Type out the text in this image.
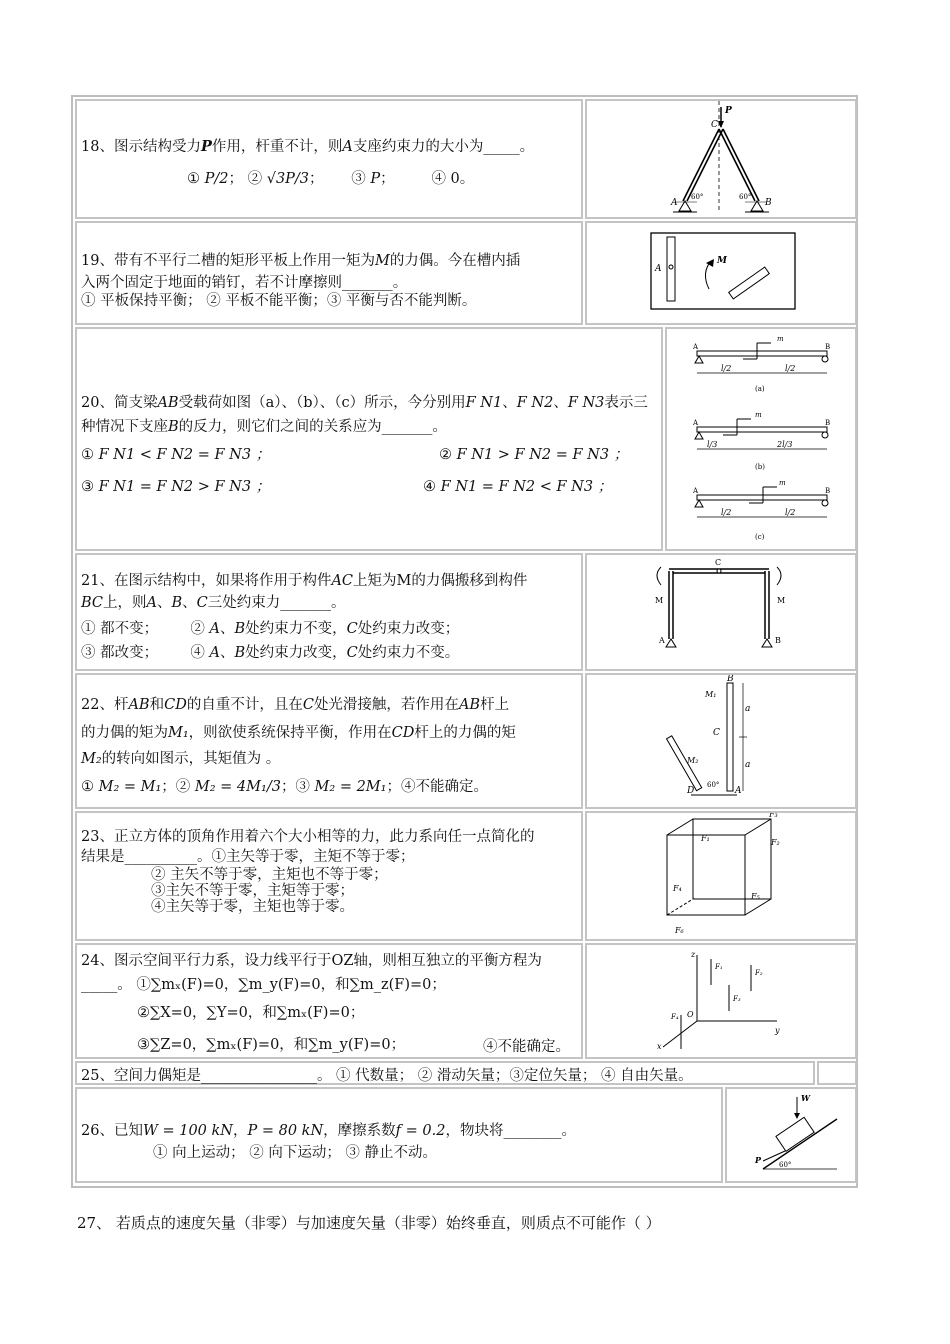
18、图示结构受力P作用，杆重不计，则A支座约束力的大小为_____。
① P/2； ② √3P/3； ③ P；	④ 0。
A	B
C
P
60°	60°
19、带有不平行二槽的矩形平板上作用一矩为M的力偶。今在槽内插
入两个固定于地面的销钉，若不计摩擦则_______。
① 平板保持平衡； ② 平板不能平衡；③ 平衡与否不能判断。
A
M
20、简支梁AB受载荷如图（a）、（b）、（c）所示，今分别用F N1、F N2、F N3表示三
种情况下支座B的反力，则它们之间的关系应为_______。
① F N1 < F N2 = F N3 ；	② F N1 > F N2 = F N3 ；
③ F N1 = F N2 > F N3 ；	④ F N1 = F N2 < F N3 ；
m
A	B
l/2	l/2
(a)
m
A	B
l/3	2l/3
(b)
m
A	B
l/2	l/2
(c)
21、在图示结构中，如果将作用于构件AC上矩为M的力偶搬移到构件
BC上，则A、B、C三处约束力_______。
① 都不变； ② A、B处约束力不变，C处约束力改变；
③ 都改变； ④ A、B处约束力改变，C处约束力不变。
C
A	B
M	M
22、杆AB和CD的自重不计，且在C处光滑接触，若作用在AB杆上
的力偶的矩为M₁，则欲使系统保持平衡，作用在CD杆上的力偶的矩
M₂的转向如图示，其矩值为 。
① M₂ = M₁；② M₂ = 4M₁/3；③ M₂ = 2M₁；④不能确定。
a
a
B
A
D
C
M₁
M₂
60°
23、正立方体的顶角作用着六个大小相等的力，此力系向任一点简化的
结果是__________。①主矢等于零，主矩不等于零；
② 主矢不等于零，主矩也不等于零；
③主矢不等于零，主矩等于零；
④主矢等于零，主矩也等于零。
F₁	F₂
F₃
F₄
F₅
F₆
24、图示空间平行力系，设力线平行于OZ轴，则相互独立的平衡方程为
_____。 ①∑mₓ(F)=0，∑m_y(F)=0，和∑m_z(F)=0；
②∑X=0，∑Y=0，和∑mₓ(F)=0；
③∑Z=0，∑mₓ(F)=0，和∑m_y(F)=0；	④不能确定。
z
y
x
O
F₁
F₂
F₃
F₄
25、空间力偶矩是________________。 ① 代数量； ② 滑动矢量；③定位矢量； ④ 自由矢量。
26、已知W = 100 kN，P = 80 kN，摩擦系数f = 0.2，物块将________。
① 向上运动； ② 向下运动； ③ 静止不动。
W
P	60°
27、 若质点的速度矢量（非零）与加速度矢量（非零）始终垂直，则质点不可能作（ ）
